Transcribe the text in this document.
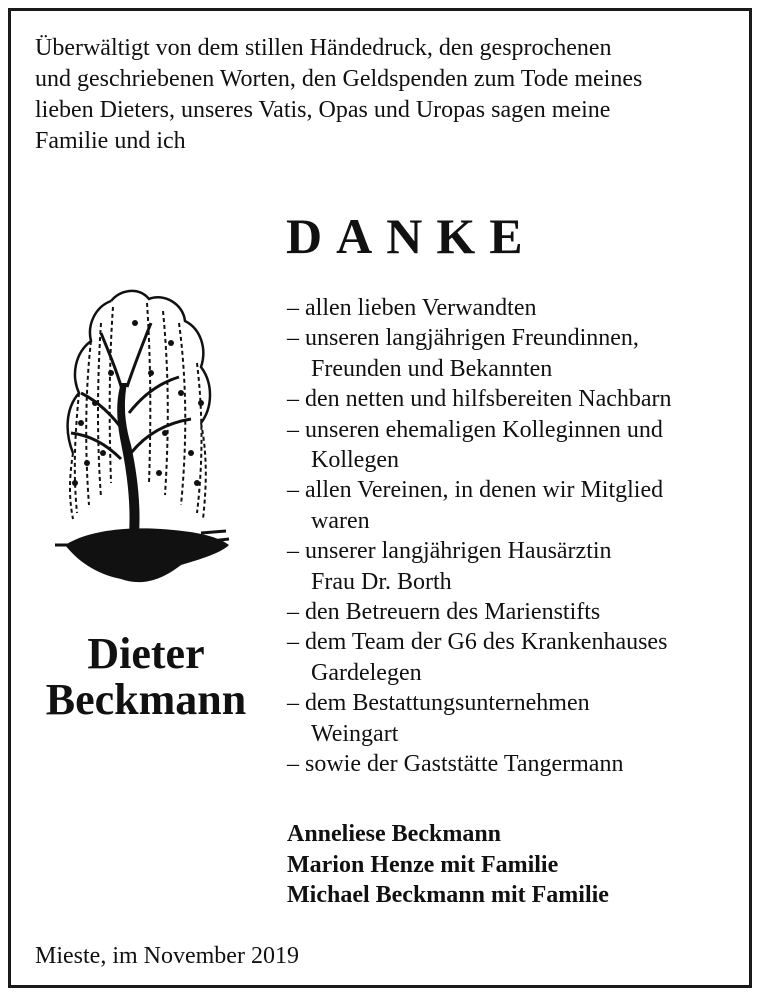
Überwältigt von dem stillen Händedruck, den gesprochenen

und geschriebenen Worten, den Geldspenden zum Tode meines

lieben Dieters, unseres Vatis, Opas und Uropas sagen meine

Familie und ich

DANKE
Dieter
Beckmann
– allen lieben Verwandten
– unseren langjährigen Freundinnen,
Freunden und Bekannten
– den netten und hilfsbereiten Nachbarn
– unseren ehemaligen Kolleginnen und
Kollegen
– allen Vereinen, in denen wir Mitglied
waren
– unserer langjährigen Hausärztin
Frau Dr. Borth
– den Betreuern des Marienstifts
– dem Team der G6 des Krankenhauses
Gardelegen
– dem Bestattungsunternehmen
Weingart
– sowie der Gaststätte Tangermann
Anneliese Beckmann
Marion Henze mit Familie
Michael Beckmann mit Familie
Mieste, im November 2019
